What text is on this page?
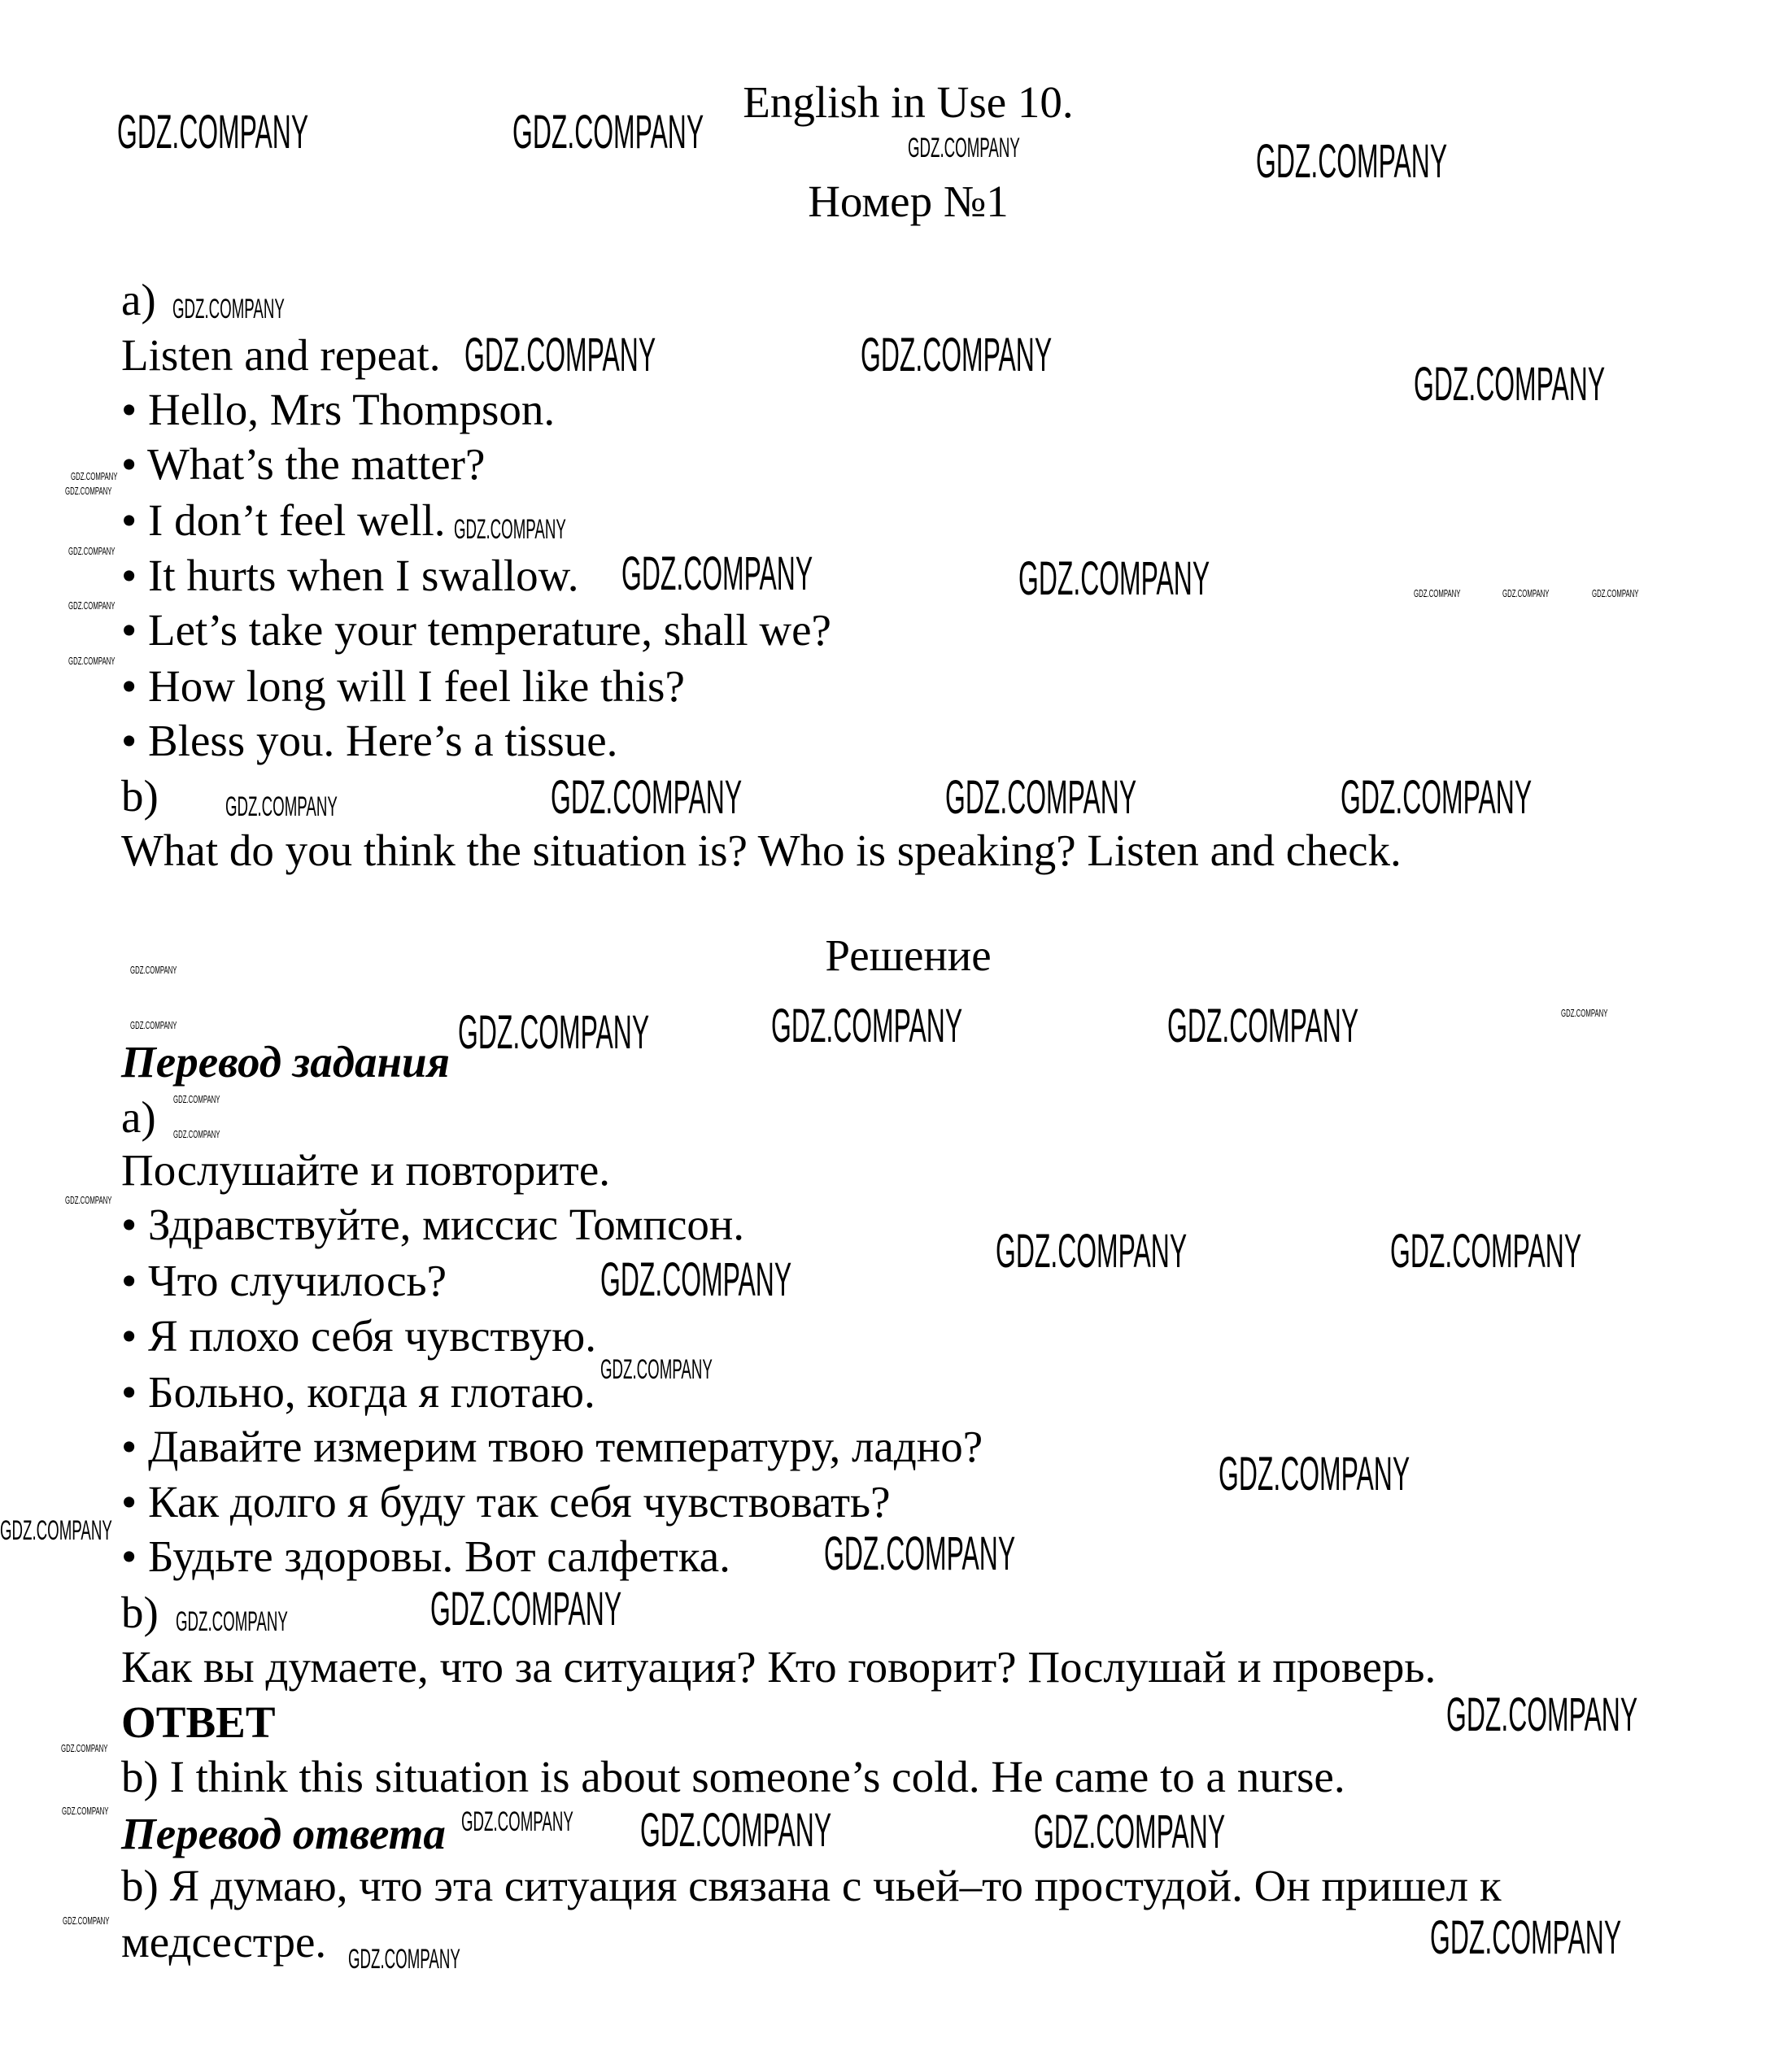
English in Use 10.
Номер №1
a)
Listen and repeat.
• Hello, Mrs Thompson.
• What’s the matter?
• I don’t feel well.
• It hurts when I swallow.
• Let’s take your temperature, shall we?
• How long will I feel like this?
• Bless you. Here’s a tissue.
b)
What do you think the situation is? Who is speaking? Listen and check.
Решение
Перевод задания
a)
Послушайте и повторите.
• Здравствуйте, миссис Томпсон.
• Что случилось?
• Я плохо себя чувствую.
• Больно, когда я глотаю.
• Давайте измерим твою температуру, ладно?
• Как долго я буду так себя чувствовать?
• Будьте здоровы. Вот салфетка.
b)
Как вы думаете, что за ситуация? Кто говорит? Послушай и проверь.
ОТВЕТ
b) I think this situation is about someone’s cold. He came to a nurse.
Перевод ответа
b) Я думаю, что эта ситуация связана с чьей–то простудой. Он пришел к
медсестре.
GDZ.COMPANY	GDZ.COMPANY
GDZ.COMPANY
GDZ.COMPANY	GDZ.COMPANY
GDZ.COMPANY
GDZ.COMPANY	GDZ.COMPANY
GDZ.COMPANY	GDZ.COMPANY	GDZ.COMPANY
GDZ.COMPANY	GDZ.COMPANY	GDZ.COMPANY
GDZ.COMPANY
GDZ.COMPANY	GDZ.COMPANY
GDZ.COMPANY
GDZ.COMPANY
GDZ.COMPANY
GDZ.COMPANY
GDZ.COMPANY	GDZ.COMPANY
GDZ.COMPANY
GDZ.COMPANY
GDZ.COMPANY
GDZ.COMPANY
GDZ.COMPANY
GDZ.COMPANY
GDZ.COMPANY
GDZ.COMPANY
GDZ.COMPANY
GDZ.COMPANY
GDZ.COMPANY
GDZ.COMPANY
GDZ.COMPANY
GDZ.COMPANY
GDZ.COMPANY
GDZ.COMPANY
GDZ.COMPANY
GDZ.COMPANY
GDZ.COMPANY
GDZ.COMPANY
GDZ.COMPANY
GDZ.COMPANY
GDZ.COMPANY
GDZ.COMPANY
GDZ.COMPANY	GDZ.COMPANY	GDZ.COMPANY
